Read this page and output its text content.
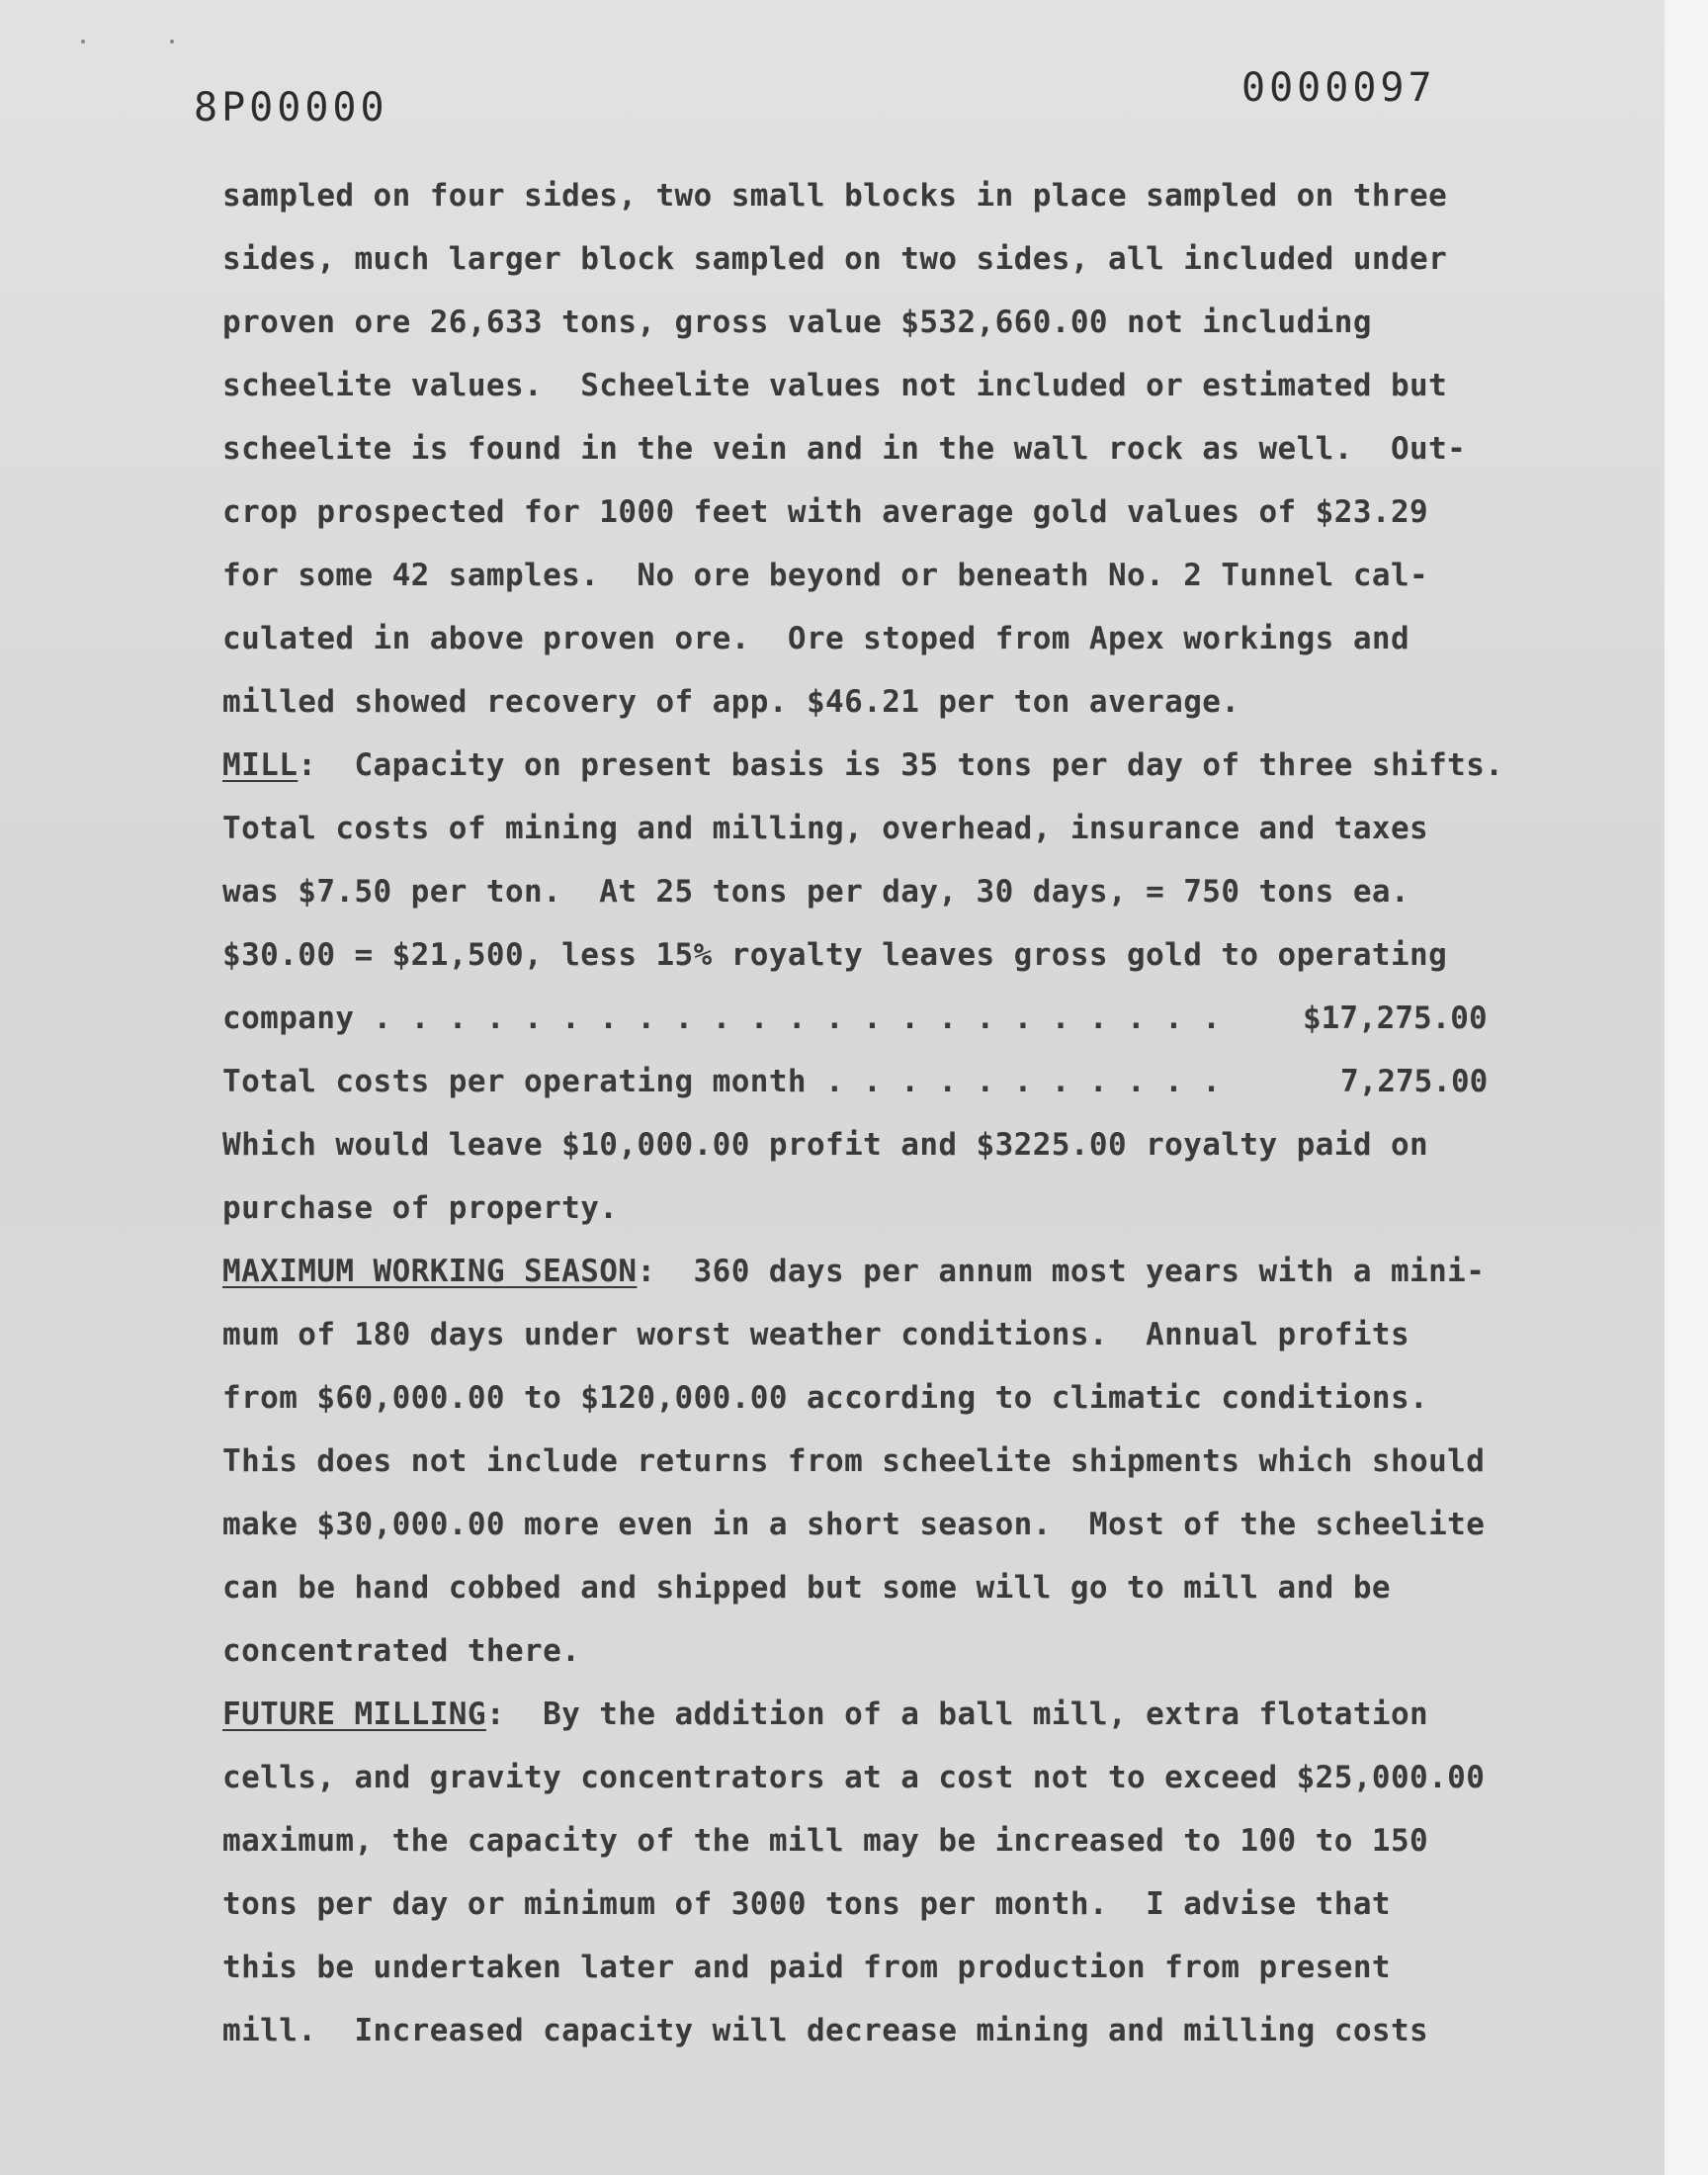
8P00000	0000097
sampled on four sides, two small blocks in place sampled on three
sides, much larger block sampled on two sides, all included under
proven ore 26,633 tons, gross value $532,660.00 not including
scheelite values.  Scheelite values not included or estimated but
scheelite is found in the vein and in the wall rock as well.  Out-
crop prospected for 1000 feet with average gold values of $23.29
for some 42 samples.  No ore beyond or beneath No. 2 Tunnel cal-
culated in above proven ore.  Ore stoped from Apex workings and
milled showed recovery of app. $46.21 per ton average.
MILL:  Capacity on present basis is 35 tons per day of three shifts.
Total costs of mining and milling, overhead, insurance and taxes
was $7.50 per ton.  At 25 tons per day, 30 days, = 750 tons ea.
$30.00 = $21,500, less 15% royalty leaves gross gold to operating
company . . . . . . . . . . . . . . . . . . . . . . .	$17,275.00
Total costs per operating month . . . . . . . . . . .	7,275.00
Which would leave $10,000.00 profit and $3225.00 royalty paid on
purchase of property.
MAXIMUM WORKING SEASON:  360 days per annum most years with a mini-
mum of 180 days under worst weather conditions.  Annual profits
from $60,000.00 to $120,000.00 according to climatic conditions.
This does not include returns from scheelite shipments which should
make $30,000.00 more even in a short season.  Most of the scheelite
can be hand cobbed and shipped but some will go to mill and be
concentrated there.
FUTURE MILLING:  By the addition of a ball mill, extra flotation
cells, and gravity concentrators at a cost not to exceed $25,000.00
maximum, the capacity of the mill may be increased to 100 to 150
tons per day or minimum of 3000 tons per month.  I advise that
this be undertaken later and paid from production from present
mill.  Increased capacity will decrease mining and milling costs
